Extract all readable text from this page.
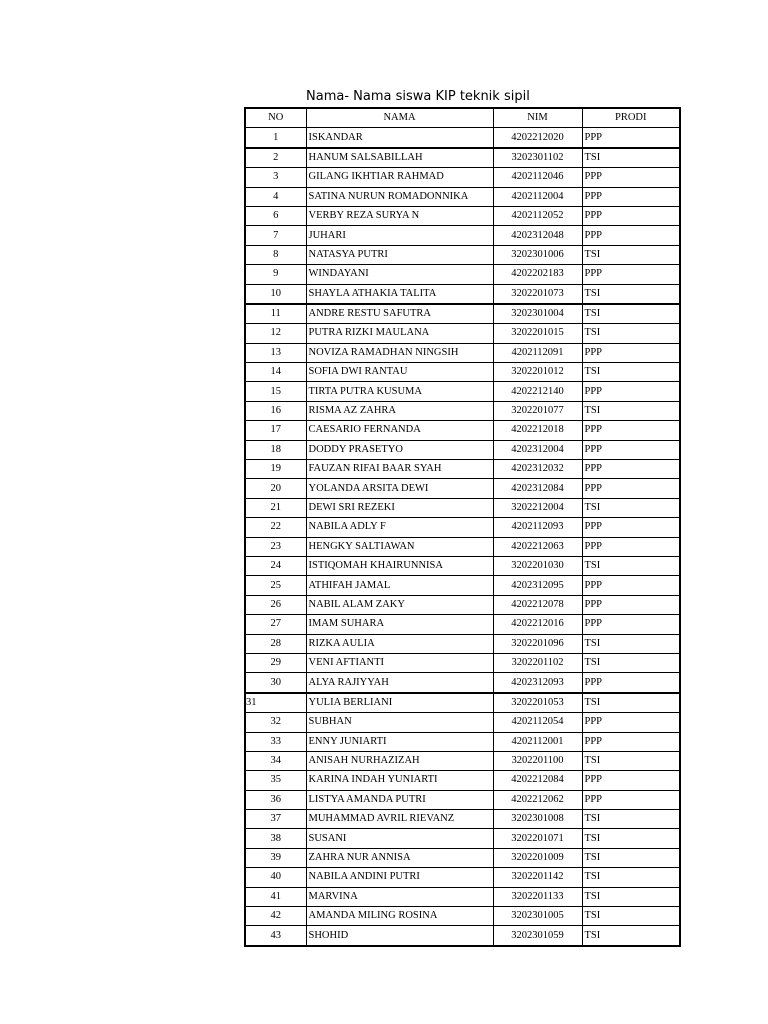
Nama- Nama siswa KIP teknik sipil
NO	NAMA	NIM	PRODI
1	ISKANDAR	4202212020	PPP
2	HANUM SALSABILLAH	3202301102	TSI
3	GILANG IKHTIAR RAHMAD	4202112046	PPP
4	SATINA NURUN ROMADONNIKA	4202112004	PPP
6	VERBY REZA SURYA N	4202112052	PPP
7	JUHARI	4202312048	PPP
8	NATASYA PUTRI	3202301006	TSI
9	WINDAYANI	4202202183	PPP
10	SHAYLA ATHAKIA TALITA	3202201073	TSI
11	ANDRE RESTU SAFUTRA	3202301004	TSI
12	PUTRA RIZKI MAULANA	3202201015	TSI
13	NOVIZA RAMADHAN NINGSIH	4202112091	PPP
14	SOFIA DWI RANTAU	3202201012	TSI
15	TIRTA PUTRA KUSUMA	4202212140	PPP
16	RISMA AZ ZAHRA	3202201077	TSI
17	CAESARIO FERNANDA	4202212018	PPP
18	DODDY PRASETYO	4202312004	PPP
19	FAUZAN RIFAI BAAR SYAH	4202312032	PPP
20	YOLANDA ARSITA DEWI	4202312084	PPP
21	DEWI SRI REZEKI	3202212004	TSI
22	NABILA ADLY F	4202112093	PPP
23	HENGKY SALTIAWAN	4202212063	PPP
24	ISTIQOMAH KHAIRUNNISA	3202201030	TSI
25	ATHIFAH JAMAL	4202312095	PPP
26	NABIL ALAM ZAKY	4202212078	PPP
27	IMAM SUHARA	4202212016	PPP
28	RIZKA AULIA	3202201096	TSI
29	VENI AFTIANTI	3202201102	TSI
30	ALYA RAJIYYAH	4202312093	PPP
31	YULIA BERLIANI	3202201053	TSI
32	SUBHAN	4202112054	PPP
33	ENNY JUNIARTI	4202112001	PPP
34	ANISAH NURHAZIZAH	3202201100	TSI
35	KARINA INDAH YUNIARTI	4202212084	PPP
36	LISTYA AMANDA PUTRI	4202212062	PPP
37	MUHAMMAD AVRIL RIEVANZ	3202301008	TSI
38	SUSANI	3202201071	TSI
39	ZAHRA NUR ANNISA	3202201009	TSI
40	NABILA ANDINI PUTRI	3202201142	TSI
41	MARVINA	3202201133	TSI
42	AMANDA MILING ROSINA	3202301005	TSI
43	SHOHID	3202301059	TSI
